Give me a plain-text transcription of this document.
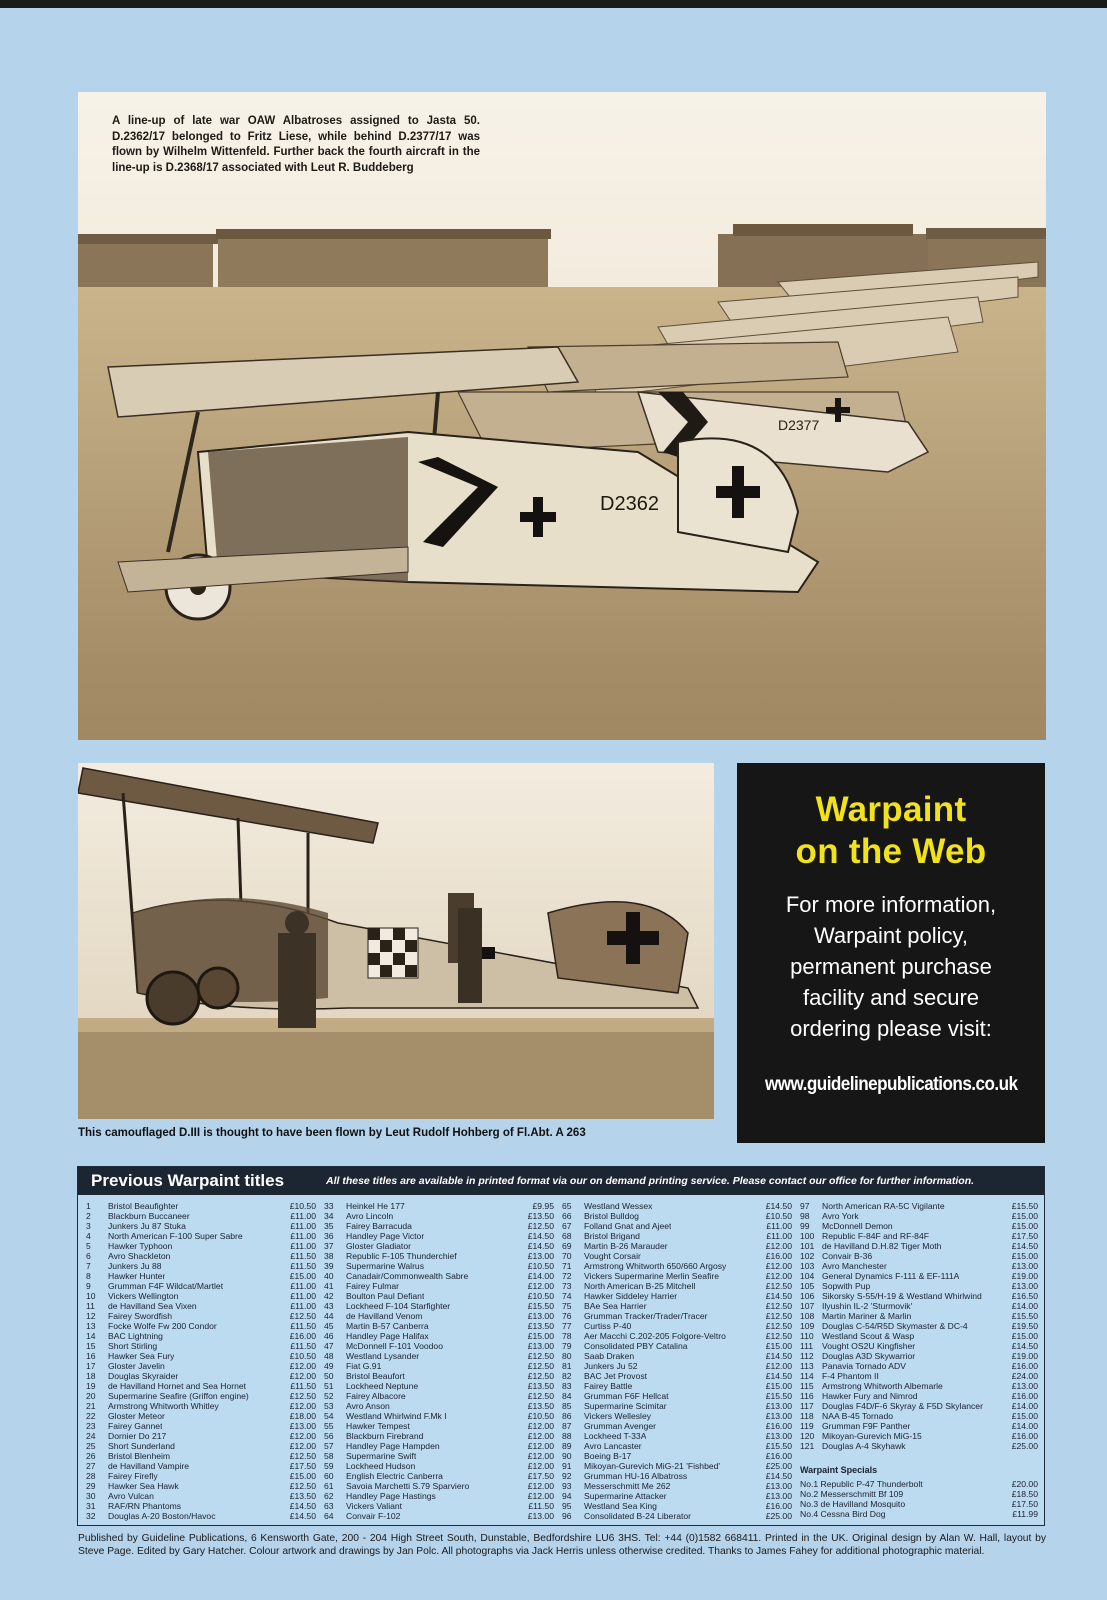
D2377
D2362
A line-up of late war OAW Albatroses assigned to Jasta 50. D.2362/17 belonged to Fritz Liese, while behind D.2377/17 was flown by Wilhelm Wittenfeld. Further back the fourth aircraft in the line-up is D.2368/17 associated with Leut R. Buddeberg
This camouflaged D.III is thought to have been flown by Leut Rudolf Hohberg of Fl.Abt. A 263
Warpaint
on the Web
For more information,
Warpaint policy,
permanent purchase
facility and secure
ordering please visit:
www.guidelinepublications.co.uk
Previous Warpaint titles	All these titles are available in printed format via our on demand printing service. Please contact our office for further information.
1	Bristol Beaufighter	£10.50
2	Blackburn Buccaneer	£11.00
3	Junkers Ju 87 Stuka	£11.00
4	North American F-100 Super Sabre	£11.00
5	Hawker Typhoon	£11.00
6	Avro Shackleton	£11.50
7	Junkers Ju 88	£11.50
8	Hawker Hunter	£15.00
9	Grumman F4F Wildcat/Martlet	£11.00
10	Vickers Wellington	£11.00
11	de Havilland Sea Vixen	£11.00
12	Fairey Swordfish	£12.50
13	Focke Wolfe Fw 200 Condor	£11.50
14	BAC Lightning	£16.00
15	Short Stirling	£11.50
16	Hawker Sea Fury	£10.50
17	Gloster Javelin	£12.00
18	Douglas Skyraider	£12.00
19	de Havilland Hornet and Sea Hornet	£11.50
20	Supermarine Seafire (Griffon engine)	£12.50
21	Armstrong Whitworth Whitley	£12.00
22	Gloster Meteor	£18.00
23	Fairey Gannet	£13.00
24	Dornier Do 217	£12.00
25	Short Sunderland	£12.00
26	Bristol Blenheim	£12.50
27	de Havilland Vampire	£17.50
28	Fairey Firefly	£15.00
29	Hawker Sea Hawk	£12.50
30	Avro Vulcan	£13.50
31	RAF/RN Phantoms	£14.50
32	Douglas A-20 Boston/Havoc	£14.50
33	Heinkel He 177	£9.95
34	Avro Lincoln	£13.50
35	Fairey Barracuda	£12.50
36	Handley Page Victor	£14.50
37	Gloster Gladiator	£14.50
38	Republic F-105 Thunderchief	£13.00
39	Supermarine Walrus	£10.50
40	Canadair/Commonwealth Sabre	£14.00
41	Fairey Fulmar	£12.00
42	Boulton Paul Defiant	£10.50
43	Lockheed F-104 Starfighter	£15.50
44	de Havilland Venom	£13.00
45	Martin B-57 Canberra	£13.50
46	Handley Page Halifax	£15.00
47	McDonnell F-101 Voodoo	£13.00
48	Westland Lysander	£12.50
49	Fiat G.91	£12.50
50	Bristol Beaufort	£12.50
51	Lockheed Neptune	£13.50
52	Fairey Albacore	£12.50
53	Avro Anson	£13.50
54	Westland Whirlwind F.Mk I	£10.50
55	Hawker Tempest	£12.00
56	Blackburn Firebrand	£12.00
57	Handley Page Hampden	£12.00
58	Supermarine Swift	£12.00
59	Lockheed Hudson	£12.00
60	English Electric Canberra	£17.50
61	Savoia Marchetti S.79 Sparviero	£12.00
62	Handley Page Hastings	£12.00
63	Vickers Valiant	£11.50
64	Convair F-102	£13.00
65	Westland Wessex	£14.50
66	Bristol Bulldog	£10.50
67	Folland Gnat and Ajeet	£11.00
68	Bristol Brigand	£11.00
69	Martin B-26 Marauder	£12.00
70	Vought Corsair	£16.00
71	Armstrong Whitworth 650/660 Argosy	£12.00
72	Vickers Supermarine Merlin Seafire	£12.00
73	North American B-25 Mitchell	£12.50
74	Hawker Siddeley Harrier	£14.50
75	BAe Sea Harrier	£12.50
76	Grumman Tracker/Trader/Tracer	£12.50
77	Curtiss P-40	£12.50
78	Aer Macchi C.202-205 Folgore-Veltro	£12.50
79	Consolidated PBY Catalina	£15.00
80	Saab Draken	£14.50
81	Junkers Ju 52	£12.00
82	BAC Jet Provost	£14.50
83	Fairey Battle	£15.00
84	Grumman F6F Hellcat	£15.50
85	Supermarine Scimitar	£13.00
86	Vickers Wellesley	£13.00
87	Grumman Avenger	£16.00
88	Lockheed T-33A	£13.00
89	Avro Lancaster	£15.50
90	Boeing B-17	£16.00
91	Mikoyan-Gurevich MiG-21 'Fishbed'	£25.00
92	Grumman HU-16 Albatross	£14.50
93	Messerschmitt Me 262	£13.00
94	Supermarine Attacker	£13.00
95	Westland Sea King	£16.00
96	Consolidated B-24 Liberator	£25.00
97	North American RA-5C Vigilante	£15.50
98	Avro York	£15.00
99	McDonnell Demon	£15.00
100 Republic F-84F and RF-84F	£17.50
101 de Havilland D.H.82 Tiger Moth	£14.50
102 Convair B-36	£15.00
103 Avro Manchester	£13.00
104 General Dynamics F-111 & EF-111A	£19.00
105 Sopwith Pup	£13.00
106 Sikorsky S-55/H-19 & Westland Whirlwind	£16.50
107 Ilyushin IL-2 'Sturmovik'	£14.00
108 Martin Mariner & Marlin	£15.50
109 Douglas C-54/R5D Skymaster & DC-4	£19.50
110 Westland Scout & Wasp	£15.00
111	Vought OS2U Kingfisher	£14.50
112 Douglas A3D Skywarrior	£19.00
113 Panavia Tornado ADV	£16.00
114 F-4 Phantom II	£24.00
115 Armstrong Whitworth Albemarle	£13.00
116 Hawker Fury and Nimrod	£16.00
117 Douglas F4D/F-6 Skyray & F5D Skylancer	£14.00
118 NAA B-45 Tornado	£15.00
119 Grumman F9F Panther	£14.00
120 Mikoyan-Gurevich MiG-15	£16.00
121 Douglas A-4 Skyhawk	£25.00
Warpaint Specials
No.1 Republic P-47 Thunderbolt	£20.00
No.2 Messerschmitt Bf 109	£18.50
No.3 de Havilland Mosquito	£17.50
No.4 Cessna Bird Dog	£11.99
Published by Guideline Publications, 6 Kensworth Gate, 200 - 204 High Street South, Dunstable, Bedfordshire LU6 3HS. Tel: +44 (0)1582 668411. Printed in the UK. Original design by Alan W. Hall, layout by Steve Page. Edited by Gary Hatcher. Colour artwork and drawings by Jan Polc. All photographs via Jack Herris unless otherwise credited. Thanks to James Fahey for additional photographic material.
